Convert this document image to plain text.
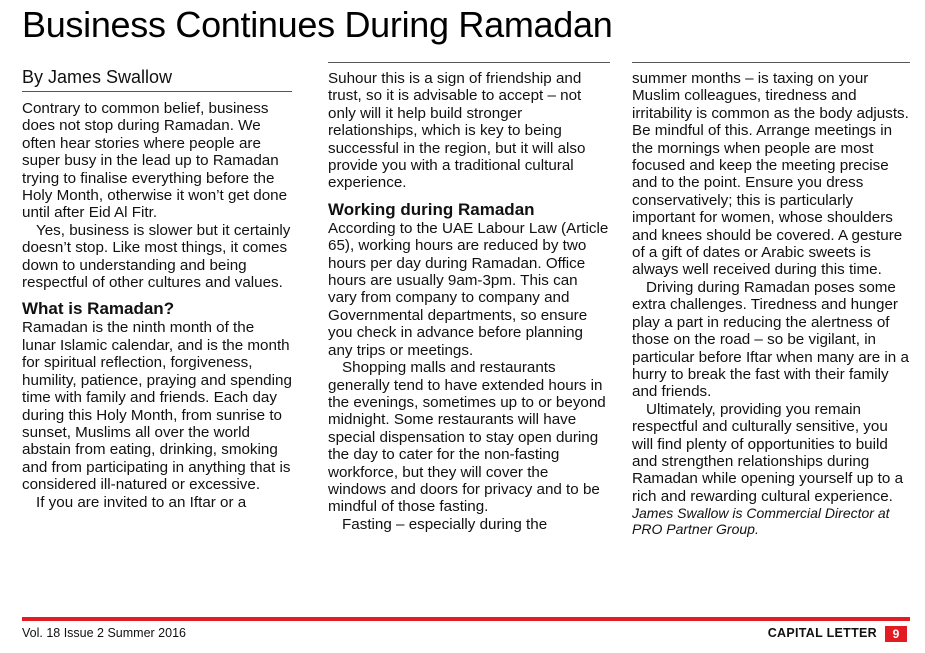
Business Continues During Ramadan
By James Swallow

Contrary to common belief, business does not stop during Ramadan. We often hear stories where people are super busy in the lead up to Ramadan trying to finalise everything before the Holy Month, otherwise it won’t get done until after Eid Al Fitr.

Yes, business is slower but it certainly doesn’t stop. Like most things, it comes down to understanding and being respectful of other cultures and values.

What is Ramadan?

Ramadan is the ninth month of the lunar Islamic calendar, and is the month for spiritual reflection, forgiveness, humility, patience, praying and spending time with family and friends. Each day during this Holy Month, from sunrise to sunset, Muslims all over the world abstain from eating, drinking, smoking and from participating in anything that is considered ill-natured or excessive.

If you are invited to an Iftar or a

Suhour this is a sign of friendship and trust, so it is advisable to accept – not only will it help build stronger relationships, which is key to being successful in the region, but it will also provide you with a traditional cultural experience.

Working during Ramadan

According to the UAE Labour Law (Article 65), working hours are reduced by two hours per day during Ramadan. Office hours are usually 9am-3pm. This can vary from company to company and Governmental departments, so ensure you check in advance before planning any trips or meetings.

Shopping malls and restaurants generally tend to have extended hours in the evenings, sometimes up to or beyond midnight. Some restaurants will have special dispensation to stay open during the day to cater for the non-fasting workforce, but they will cover the windows and doors for privacy and to be mindful of those fasting.

Fasting – especially during the

summer months – is taxing on your Muslim colleagues, tiredness and irritability is common as the body adjusts. Be mindful of this. Arrange meetings in the mornings when people are most focused and keep the meeting precise and to the point. Ensure you dress conservatively; this is particularly important for women, whose shoulders and knees should be covered. A gesture of a gift of dates or Arabic sweets is always well received during this time.

Driving during Ramadan poses some extra challenges. Tiredness and hunger play a part in reducing the alertness of those on the road – so be vigilant, in particular before Iftar when many are in a hurry to break the fast with their family and friends.

Ultimately, providing you remain respectful and culturally sensitive, you will find plenty of opportunities to build and strengthen relationships during Ramadan while opening yourself up to a rich and rewarding cultural experience.

James Swallow is Commercial Director at PRO Partner Group.

Vol. 18 Issue 2 Summer 2016	CAPITAL LETTER	9
